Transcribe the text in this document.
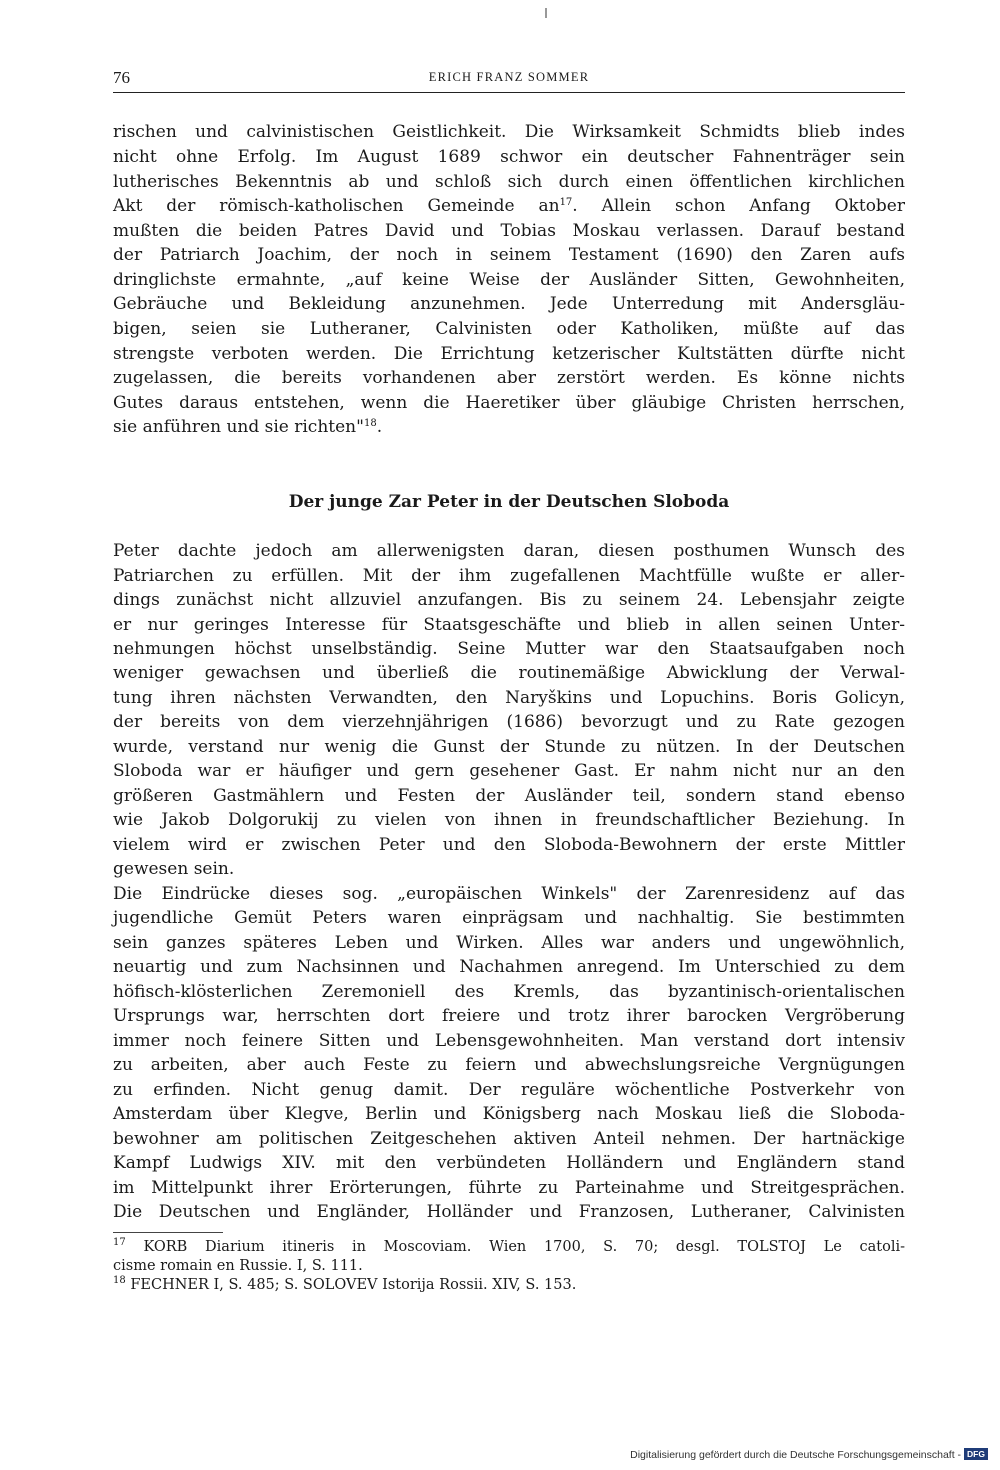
76	ERICH FRANZ SOMMER
rischen und calvinistischen Geistlichkeit. Die Wirksamkeit Schmidts blieb indes
nicht ohne Erfolg. Im August 1689 schwor ein deutscher Fahnenträger sein
lutherisches Bekenntnis ab und schloß sich durch einen öffentlichen kirchlichen
Akt der römisch-katholischen Gemeinde $an^{17}$. Allein schon Anfang Oktober
mußten die beiden Patres David und Tobias Moskau verlassen. Darauf bestand
der Patriarch Joachim, der noch in seinem Testament (1690) den Zaren aufs
dringlichste ermahnte, „auf keine Weise der Ausländer Sitten, Gewohnheiten,
Gebräuche und Bekleidung anzunehmen. Jede Unterredung mit Andersgläu-
bigen, seien sie Lutheraner, Calvinisten oder Katholiken, müßte auf das
strengste verboten werden. Die Errichtung ketzerischer Kultstätten dürfte nicht
zugelassen, die bereits vorhandenen aber zerstört werden. Es könne nichts
Gutes daraus entstehen, wenn die Haeretiker über gläubige Christen herrschen,
sie anführen und sie richten"$^{18}$.
Der junge Zar Peter in der Deutschen Sloboda
Peter dachte jedoch am allerwenigsten daran, diesen posthumen Wunsch des
Patriarchen zu erfüllen. Mit der ihm zugefallenen Machtfülle wußte er aller-
dings zunächst nicht allzuviel anzufangen. Bis zu seinem 24. Lebensjahr zeigte
er nur geringes Interesse für Staatsgeschäfte und blieb in allen seinen Unter-
nehmungen höchst unselbständig. Seine Mutter war den Staatsaufgaben noch
weniger gewachsen und überließ die routinemäßige Abwicklung der Verwal-
tung ihren nächsten Verwandten, den Naryškins und Lopuchins. Boris Golicyn,
der bereits von dem vierzehnjährigen (1686) bevorzugt und zu Rate gezogen
wurde, verstand nur wenig die Gunst der Stunde zu nützen. In der Deutschen
Sloboda war er häufiger und gern gesehener Gast. Er nahm nicht nur an den
größeren Gastmählern und Festen der Ausländer teil, sondern stand ebenso
wie Jakob Dolgorukij zu vielen von ihnen in freundschaftlicher Beziehung. In
vielem wird er zwischen Peter und den Sloboda-Bewohnern der erste Mittler
gewesen sein.
Die Eindrücke dieses sog. „europäischen Winkels" der Zarenresidenz auf das
jugendliche Gemüt Peters waren einprägsam und nachhaltig. Sie bestimmten
sein ganzes späteres Leben und Wirken. Alles war anders und ungewöhnlich,
neuartig und zum Nachsinnen und Nachahmen anregend. Im Unterschied zu dem
höfisch-klösterlichen Zeremoniell des Kremls, das byzantinisch-orientalischen
Ursprungs war, herrschten dort freiere und trotz ihrer barocken Vergröberung
immer noch feinere Sitten und Lebensgewohnheiten. Man verstand dort intensiv
zu arbeiten, aber auch Feste zu feiern und abwechslungsreiche Vergnügungen
zu erfinden. Nicht genug damit. Der reguläre wöchentliche Postverkehr von
Amsterdam über Klegve, Berlin und Königsberg nach Moskau ließ die Sloboda-
bewohner am politischen Zeitgeschehen aktiven Anteil nehmen. Der hartnäckige
Kampf Ludwigs XIV. mit den verbündeten Holländern und Engländern stand
im Mittelpunkt ihrer Erörterungen, führte zu Parteinahme und Streitgesprächen.
Die Deutschen und Engländer, Holländer und Franzosen, Lutheraner, Calvinisten
$^{17}$ KORB Diarium itineris in Moscoviam. Wien 1700, S. 70; desgl. TOLSTOJ Le catoli-
cisme romain en Russie. I, S. 111.
$^{18}$ FECHNER I, S. 485; S. SOLOVEV Istorija Rossii. XIV, S. 153.
Digitalisierung gefördert durch die Deutsche Forschungsgemeinschaft - DFG
